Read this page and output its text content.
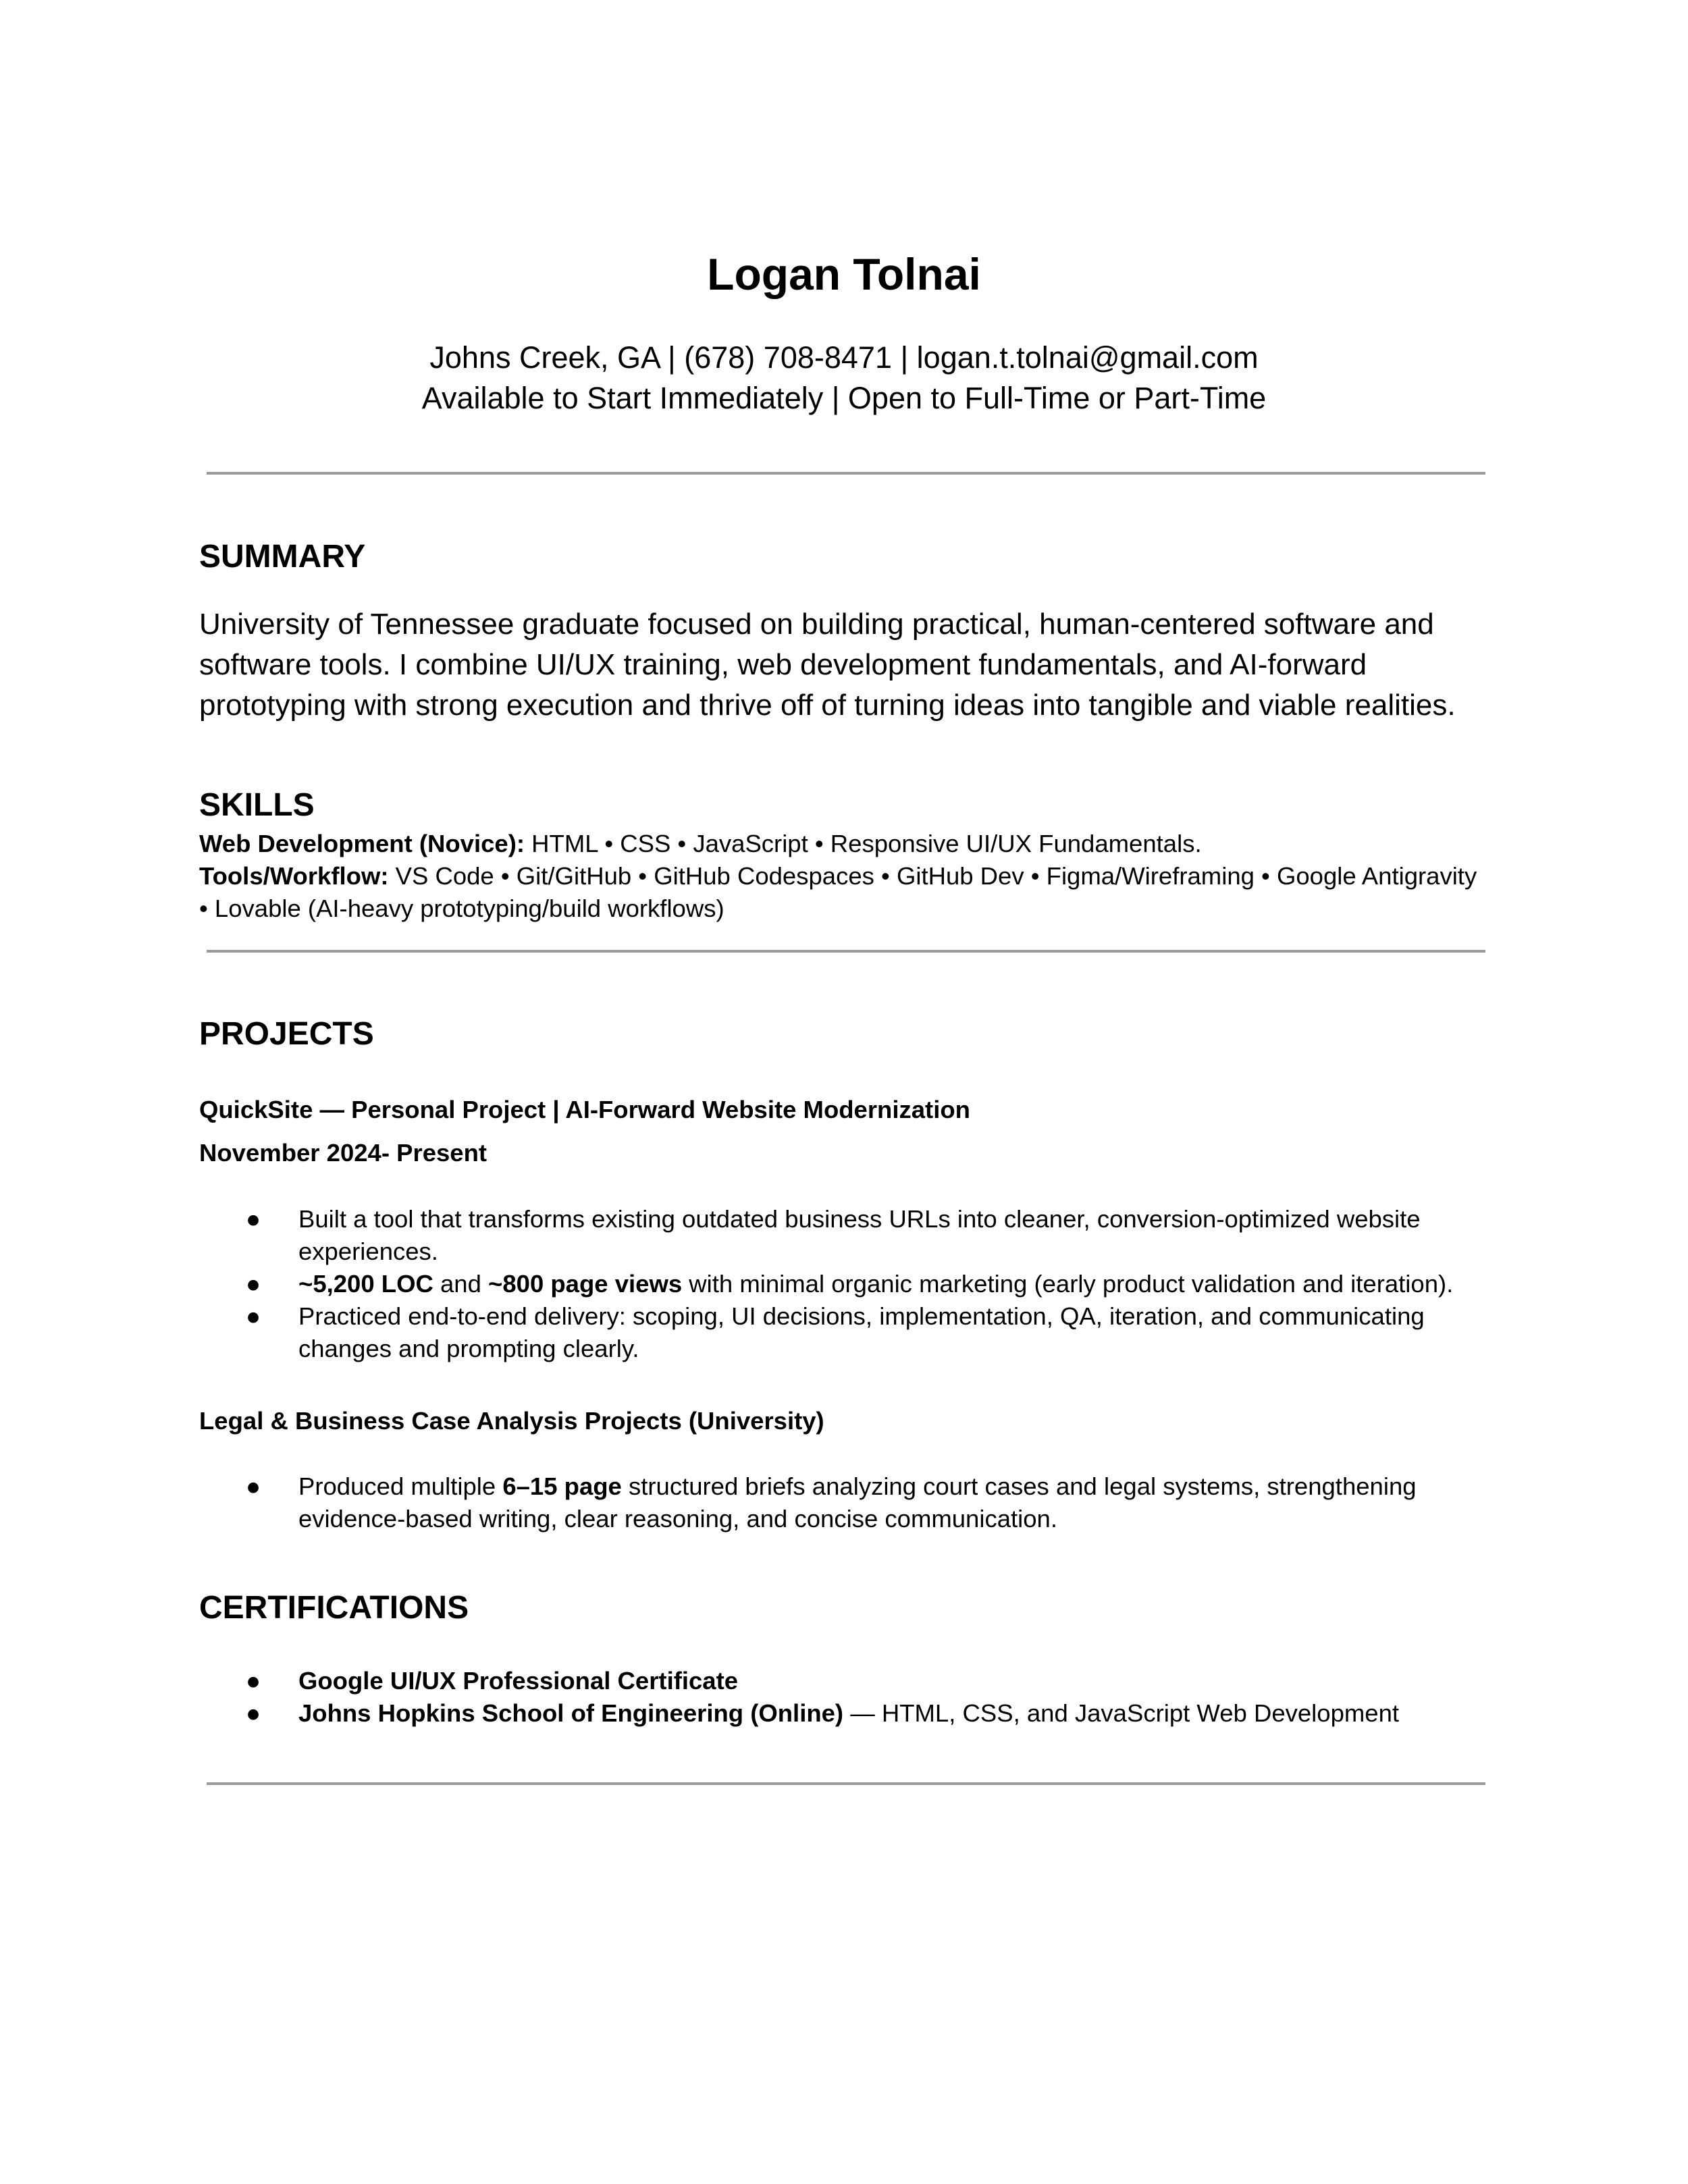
Logan Tolnai
Johns Creek, GA | (678) 708-8471 | logan.t.tolnai@gmail.com
Available to Start Immediately | Open to Full-Time or Part-Time
SUMMARY
University of Tennessee graduate focused on building practical, human-centered software and
software tools. I combine UI/UX training, web development fundamentals, and AI-forward
prototyping with strong execution and thrive off of turning ideas into tangible and viable realities.
SKILLS
Web Development (Novice): HTML • CSS • JavaScript • Responsive UI/UX Fundamentals.
Tools/Workflow: VS Code • Git/GitHub • GitHub Codespaces • GitHub Dev • Figma/Wireframing • Google Antigravity
• Lovable (AI-heavy prototyping/build workflows)
PROJECTS
QuickSite — Personal Project | AI-Forward Website Modernization
November 2024- Present
● Built a tool that transforms existing outdated business URLs into cleaner, conversion-optimized website
experiences.
● ~5,200 LOC and ~800 page views with minimal organic marketing (early product validation and iteration).
● Practiced end-to-end delivery: scoping, UI decisions, implementation, QA, iteration, and communicating
changes and prompting clearly.
Legal & Business Case Analysis Projects (University)
● Produced multiple 6–15 page structured briefs analyzing court cases and legal systems, strengthening
evidence-based writing, clear reasoning, and concise communication.
CERTIFICATIONS
● Google UI/UX Professional Certificate
● Johns Hopkins School of Engineering (Online) — HTML, CSS, and JavaScript Web Development
